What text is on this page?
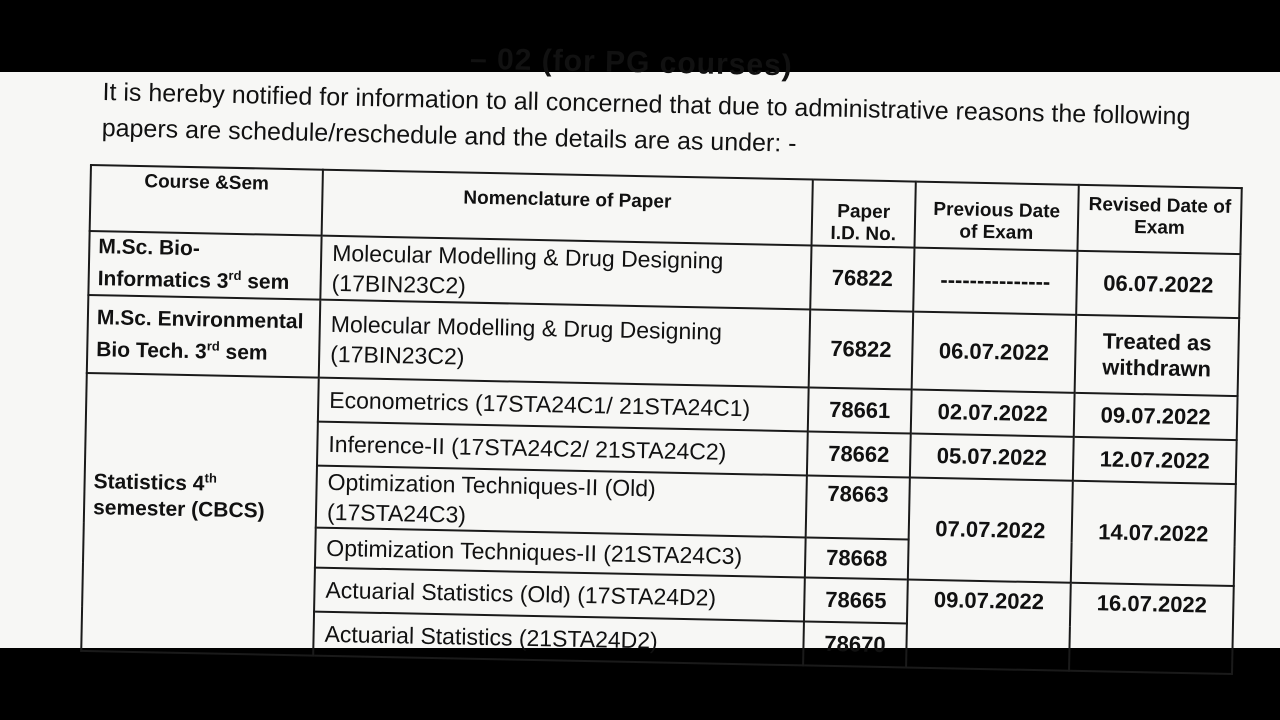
– 02 (for PG courses)

It is hereby notified for information to all concerned that due to administrative reasons the following papers are schedule/reschedule and the details are as under: -

Course &Sem	Nomenclature of Paper	Paper I.D. No.	Previous Date of Exam	Revised Date of Exam
M.Sc. Bio-Informatics 3rd sem	Molecular Modelling & Drug Designing (17BIN23C2)	76822	---------------	06.07.2022
M.Sc. Environmental Bio Tech. 3rd sem	Molecular Modelling & Drug Designing (17BIN23C2)	76822	06.07.2022	Treated as withdrawn
Statistics 4th semester (CBCS)	Econometrics (17STA24C1/ 21STA24C1)	78661	02.07.2022	09.07.2022
	Inference-II (17STA24C2/ 21STA24C2)	78662	05.07.2022	12.07.2022
	Optimization Techniques-II (Old) (17STA24C3)	78663	07.07.2022	14.07.2022
	Optimization Techniques-II (21STA24C3)	78668		
	Actuarial Statistics (Old) (17STA24D2)	78665	09.07.2022	16.07.2022
	Actuarial Statistics (21STA24D2)	78670		
